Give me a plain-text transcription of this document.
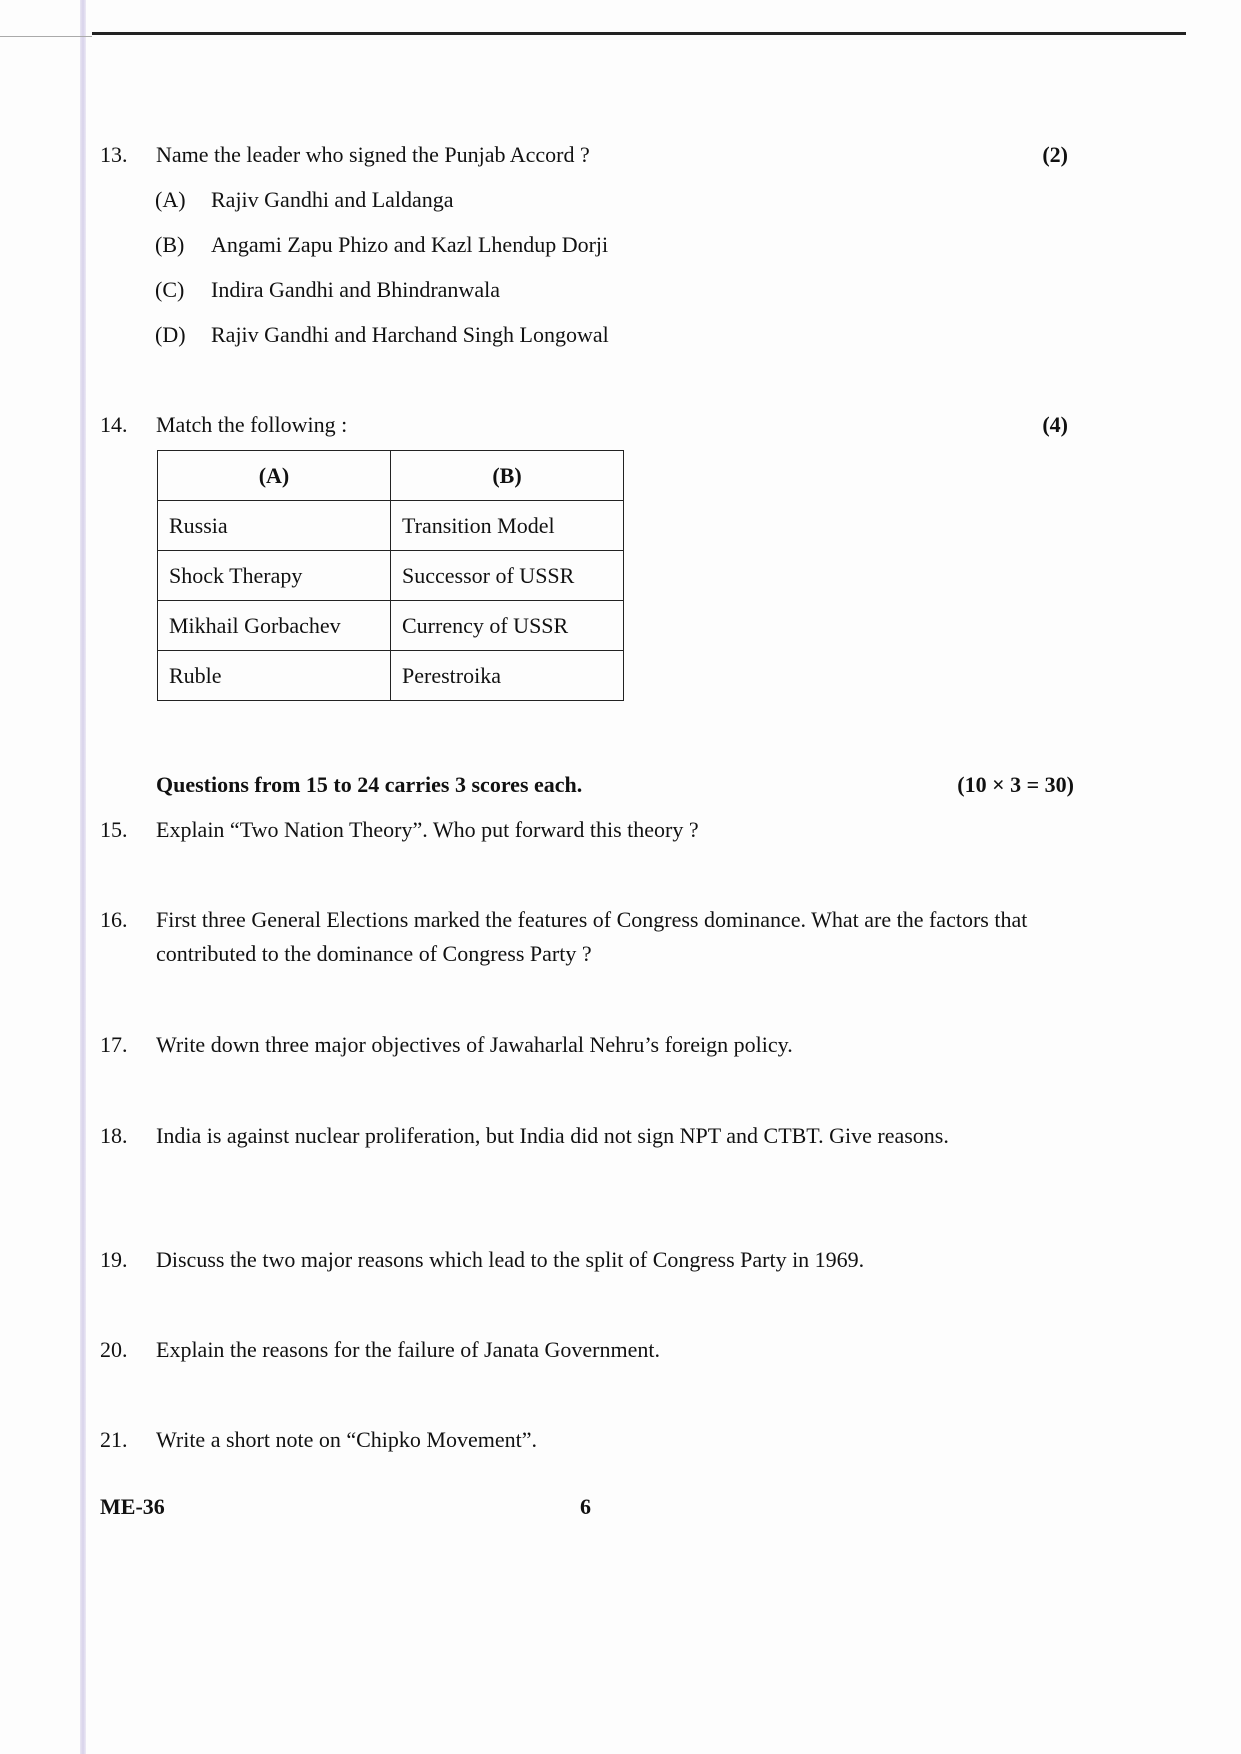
13. Name the leader who signed the Punjab Accord ?	(2)
(A) Rajiv Gandhi and Laldanga
(B) Angami Zapu Phizo and Kazl Lhendup Dorji
(C) Indira Gandhi and Bhindranwala
(D) Rajiv Gandhi and Harchand Singh Longowal
14. Match the following :	(4)
(A)	(B)
Russia	Transition Model
Shock Therapy	Successor of USSR
Mikhail Gorbachev	Currency of USSR
Ruble	Perestroika
Questions from 15 to 24 carries 3 scores each.	(10 × 3 = 30)
15. Explain “Two Nation Theory”. Who put forward this theory ?
16. First three General Elections marked the features of Congress dominance. What are the factors that contributed to the dominance of Congress Party ?
17. Write down three major objectives of Jawaharlal Nehru’s foreign policy.
18. India is against nuclear proliferation, but India did not sign NPT and CTBT. Give reasons.
19. Discuss the two major reasons which lead to the split of Congress Party in 1969.
20. Explain the reasons for the failure of Janata Government.
21. Write a short note on “Chipko Movement”.
ME-36	6
